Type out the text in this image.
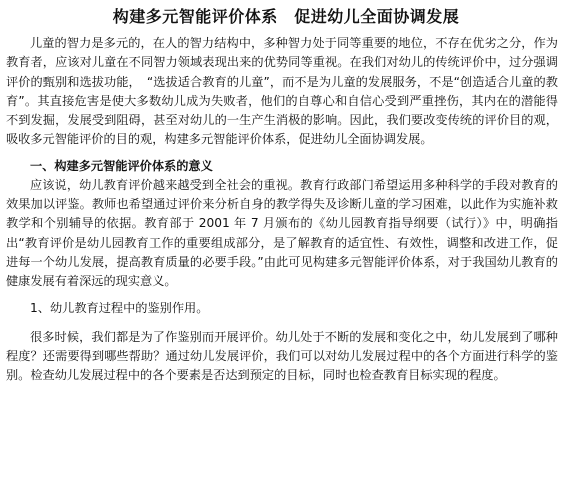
构建多元智能评价体系　促进幼儿全面协调发展

儿童的智力是多元的，在人的智力结构中，多种智力处于同等重要的地位，不存在优劣之分，作为教育者，应该对儿童在不同智力领域表现出来的优势同等重视。在我们对幼儿的传统评价中，过分强调评价的甄别和选拔功能，　“选拔适合教育的儿童”，而不是为儿童的发展服务，不是“创造适合儿童的教育”。其直接危害是使大多数幼儿成为失败者，他们的自尊心和自信心受到严重挫伤，其内在的潜能得不到发掘，发展受到阻碍，甚至对幼儿的一生产生消极的影响。因此，我们要改变传统的评价目的观，吸收多元智能评价的目的观，构建多元智能评价体系，促进幼儿全面协调发展。

一、构建多元智能评价体系的意义

应该说，幼儿教育评价越来越受到全社会的重视。教育行政部门希望运用多种科学的手段对教育的效果加以评鉴。教师也希望通过评价来分析自身的教学得失及诊断儿童的学习困难，以此作为实施补救教学和个别辅导的依据。教育部于 2001 年 7 月颁布的《幼儿园教育指导纲要（试行）》中，明确指出“教育评价是幼儿园教育工作的重要组成部分，是了解教育的适宜性、有效性，调整和改进工作，促进每一个幼儿发展，提高教育质量的必要手段。”由此可见构建多元智能评价体系，对于我国幼儿教育的健康发展有着深远的现实意义。

1、幼儿教育过程中的鉴别作用。

很多时候，我们都是为了作鉴别而开展评价。幼儿处于不断的发展和变化之中，幼儿发展到了哪种程度？还需要得到哪些帮助？通过幼儿发展评价，我们可以对幼儿发展过程中的各个方面进行科学的鉴别。检查幼儿发展过程中的各个要素是否达到预定的目标，同时也检查教育目标实现的程度。
